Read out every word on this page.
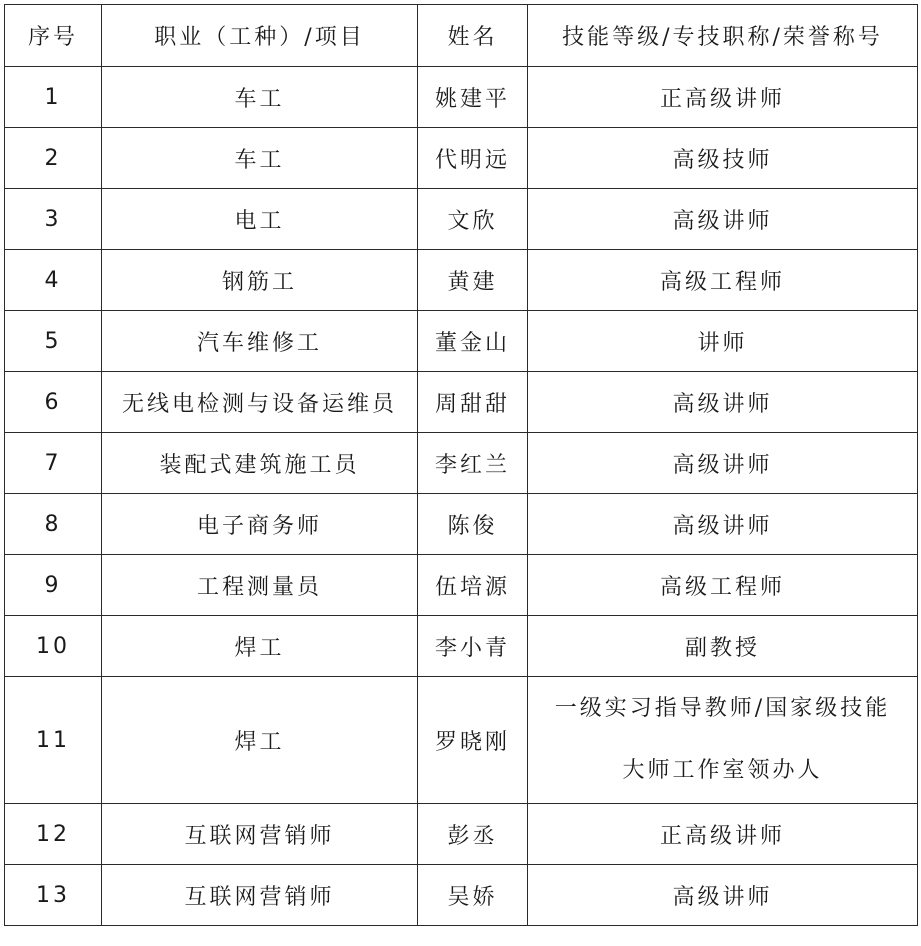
序号	职业（工种）/项目	姓名	技能等级/专技职称/荣誉称号
1	车工	姚建平	正高级讲师
2	车工	代明远	高级技师
3	电工	文欣	高级讲师
4	钢筋工	黄建	高级工程师
5	汽车维修工	董金山	讲师
6	无线电检测与设备运维员	周甜甜	高级讲师
7	装配式建筑施工员	李红兰	高级讲师
8	电子商务师	陈俊	高级讲师
9	工程测量员	伍培源	高级工程师
10	焊工	李小青	副教授
11	焊工	罗晓刚	一级实习指导教师/国家级技能
大师工作室领办人

12	互联网营销师	彭丞	正高级讲师
13	互联网营销师	吴娇	高级讲师
